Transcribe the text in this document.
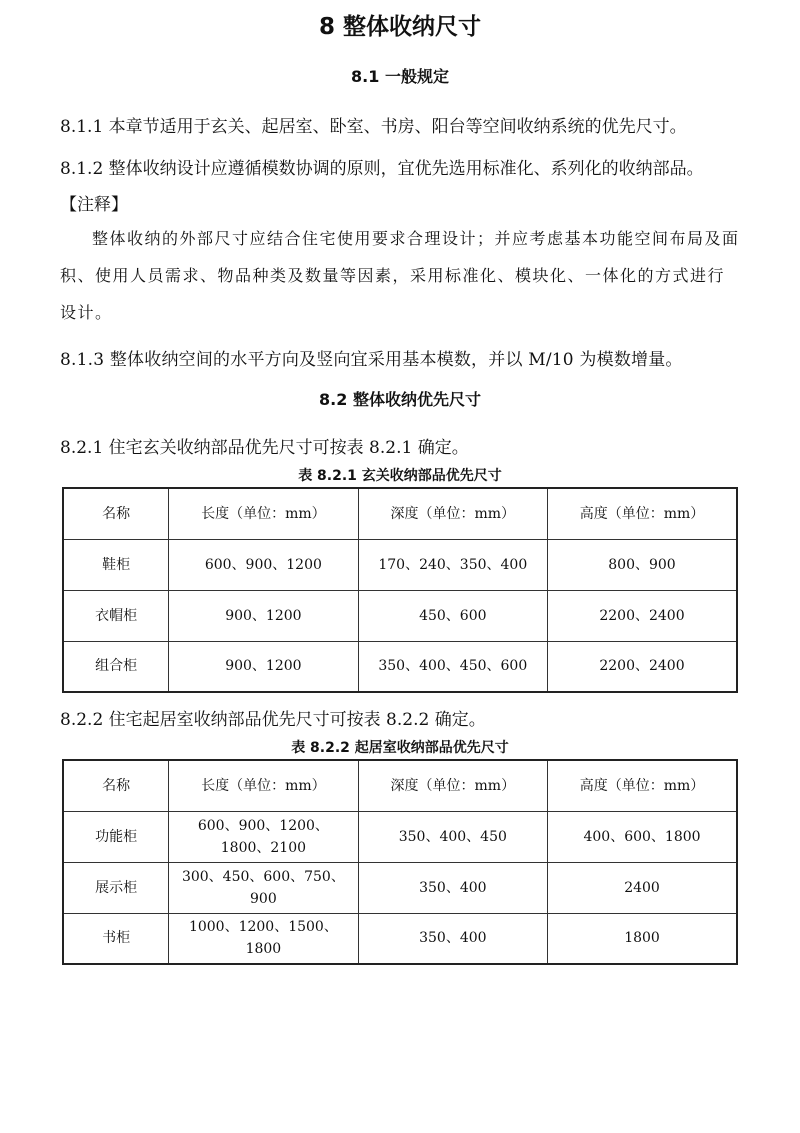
8 整体收纳尺寸
8.1 一般规定

8.1.1 本章节适用于玄关、起居室、卧室、书房、阳台等空间收纳系统的优先尺寸。

8.1.2 整体收纳设计应遵循模数协调的原则，宜优先选用标准化、系列化的收纳部品。

【注释】

整体收纳的外部尺寸应结合住宅使用要求合理设计；并应考虑基本功能空间布局及面积、使用人员需求、物品种类及数量等因素，采用标准化、模块化、一体化的方式进行设计。

8.1.3 整体收纳空间的水平方向及竖向宜采用基本模数，并以 M/10 为模数增量。

8.2 整体收纳优先尺寸

8.2.1 住宅玄关收纳部品优先尺寸可按表 8.2.1 确定。

表 8.2.1 玄关收纳部品优先尺寸
名称	长度（单位：mm）	深度（单位：mm）	高度（单位：mm）
鞋柜	600、900、1200	170、240、350、400	800、900
衣帽柜	900、1200	450、600	2200、2400
组合柜	900、1200	350、400、450、600	2200、2400

8.2.2 住宅起居室收纳部品优先尺寸可按表 8.2.2 确定。

表 8.2.2 起居室收纳部品优先尺寸
名称	长度（单位：mm）	深度（单位：mm）	高度（单位：mm）
功能柜	600、900、1200、1800、2100	350、400、450	400、600、1800
展示柜	300、450、600、750、900	350、400	2400
书柜	1000、1200、1500、1800	350、400	1800
